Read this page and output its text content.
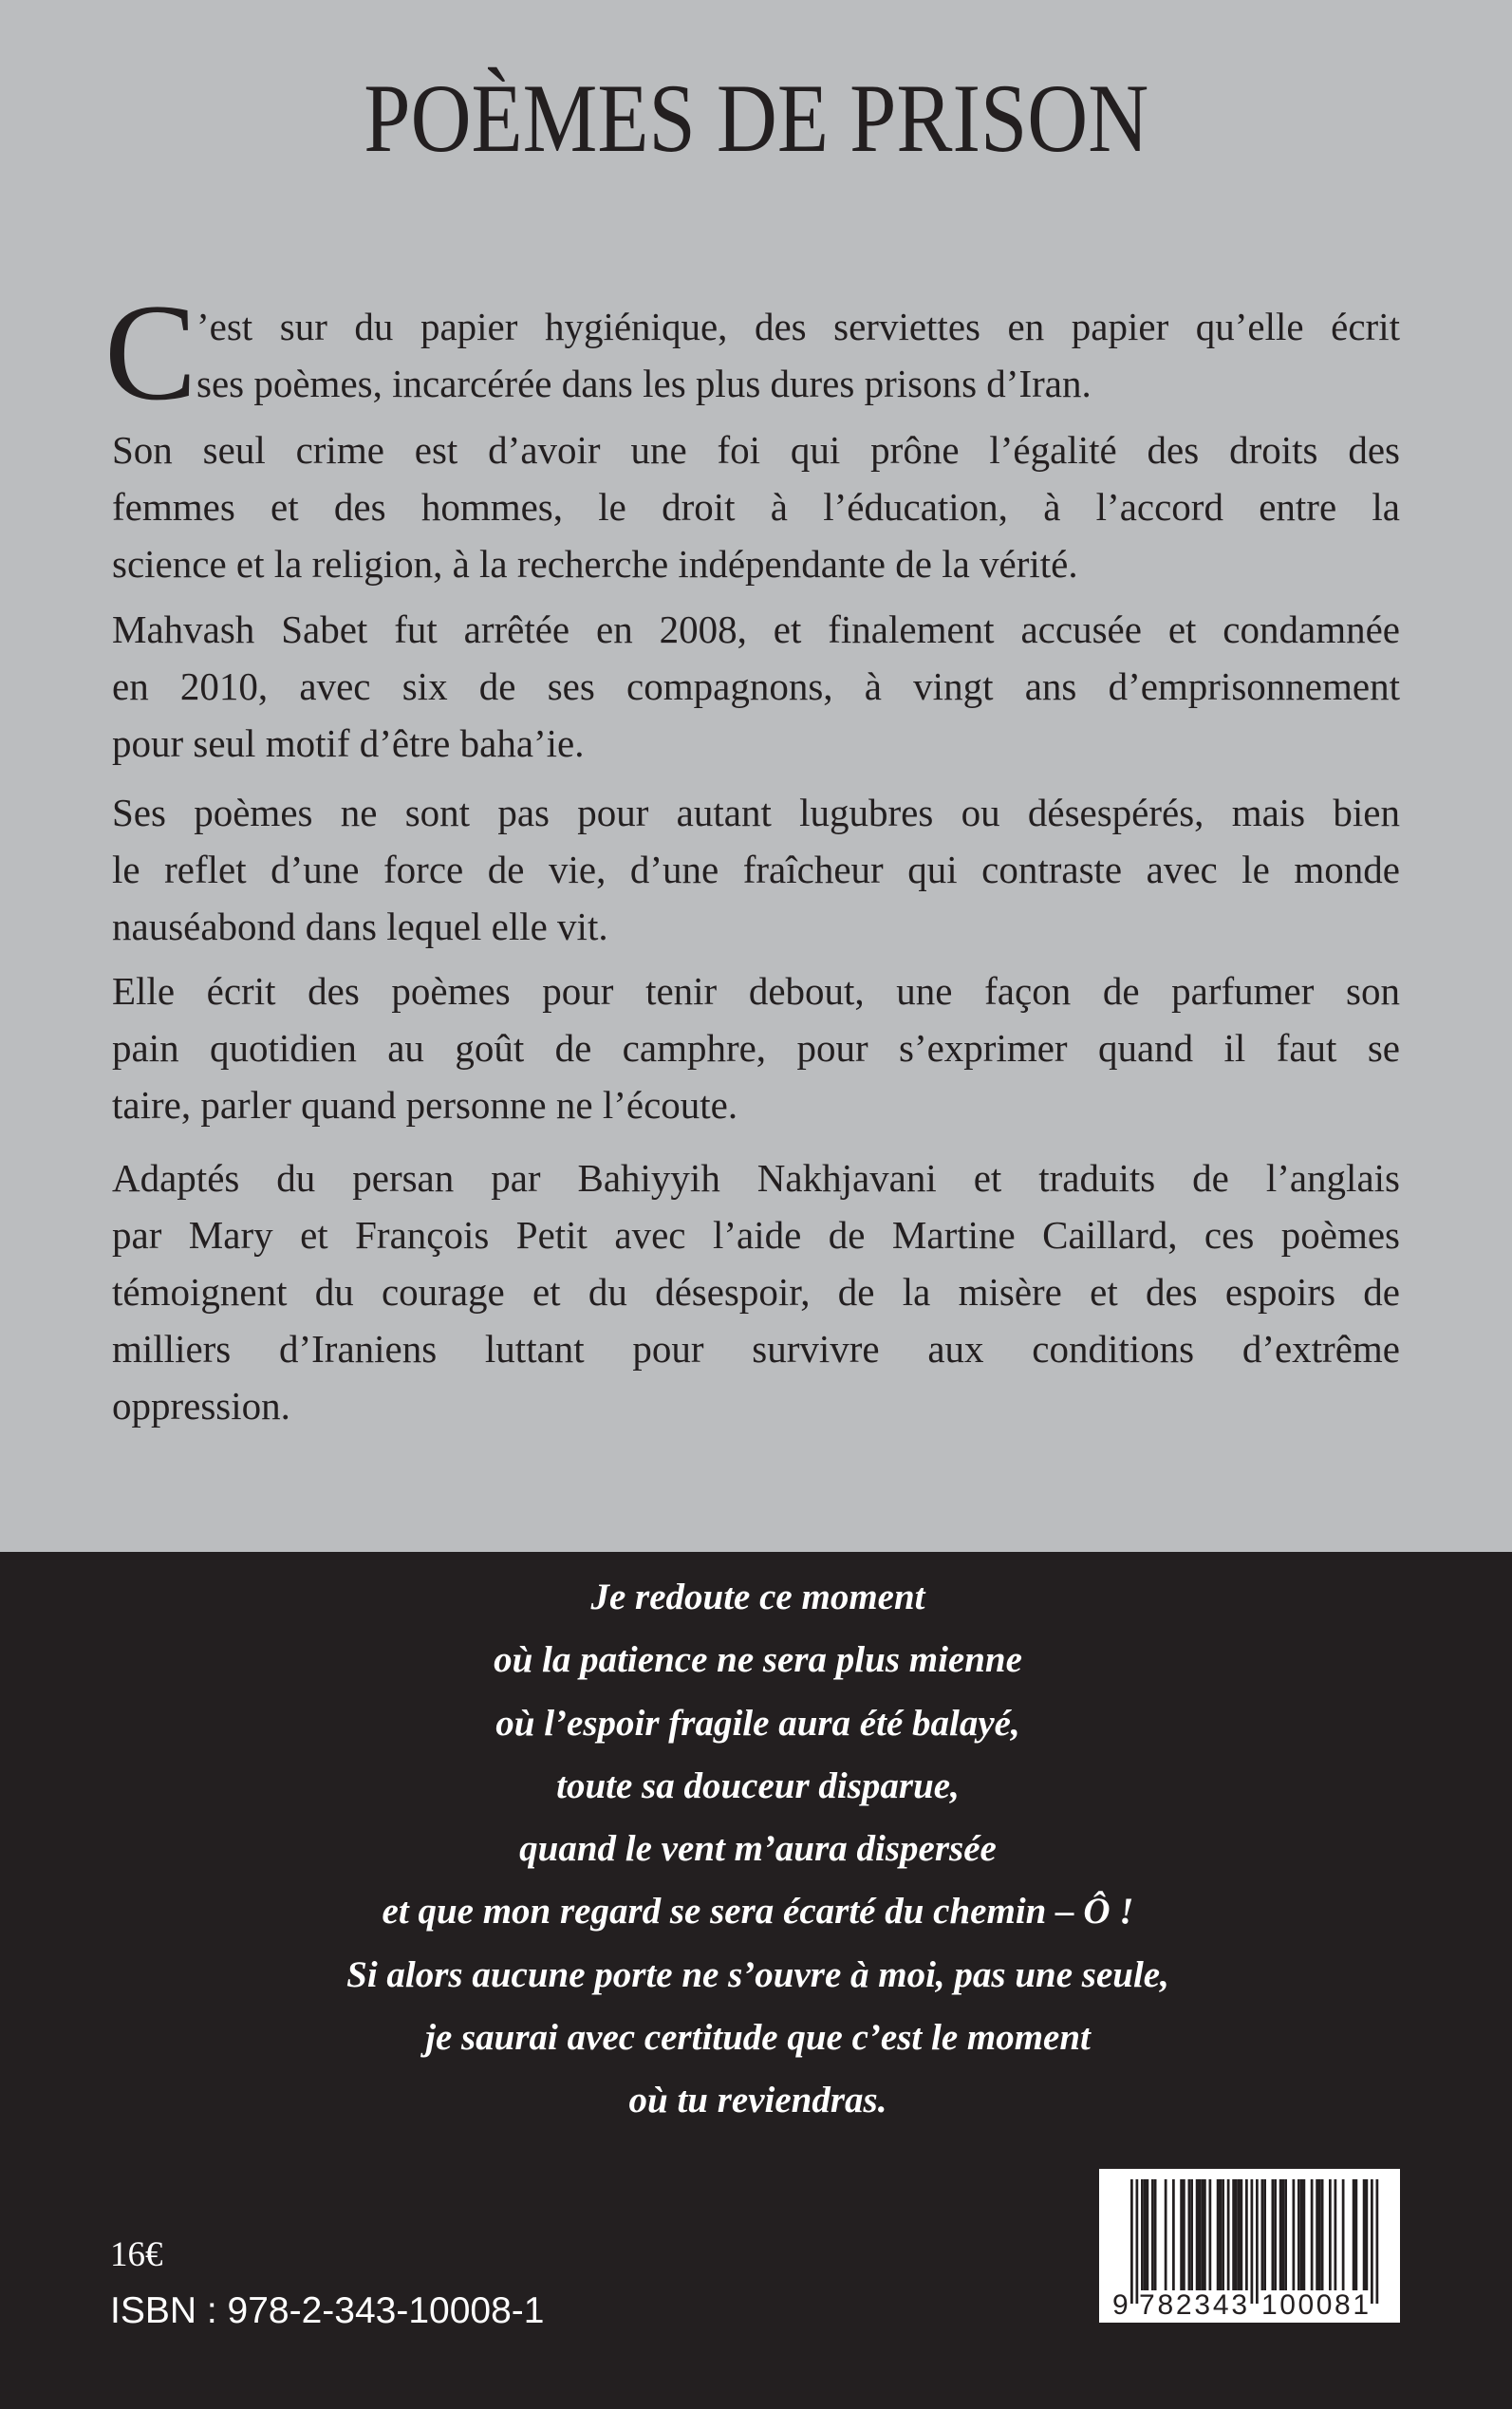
POÈMES DE PRISON
C ’est sur du papier hygiénique, des serviettes en papier qu’elle écrit
ses poèmes, incarcérée dans les plus dures prisons d’Iran.
Son seul crime est d’avoir une foi qui prône l’égalité des droits des
femmes et des hommes, le droit à l’éducation, à l’accord entre la
science et la religion, à la recherche indépendante de la vérité.
Mahvash Sabet fut arrêtée en 2008, et finalement accusée et condamnée
en 2010, avec six de ses compagnons, à vingt ans d’emprisonnement
pour seul motif d’être baha’ie.
Ses poèmes ne sont pas pour autant lugubres ou désespérés, mais bien
le reflet d’une force de vie, d’une fraîcheur qui contraste avec le monde
nauséabond dans lequel elle vit.
Elle écrit des poèmes pour tenir debout, une façon de parfumer son
pain quotidien au goût de camphre, pour s’exprimer quand il faut se
taire, parler quand personne ne l’écoute.
Adaptés du persan par Bahiyyih Nakhjavani et traduits de l’anglais
par Mary et François Petit avec l’aide de Martine Caillard, ces poèmes
témoignent du courage et du désespoir, de la misère et des espoirs de
milliers d’Iraniens luttant pour survivre aux conditions d’extrême
oppression.
Je redoute ce moment
où la patience ne sera plus mienne
où l’espoir fragile aura été balayé,
toute sa douceur disparue,
quand le vent m’aura dispersée
et que mon regard se sera écarté du chemin – Ô !
Si alors aucune porte ne s’ouvre à moi, pas une seule,
je saurai avec certitude que c’est le moment
où tu reviendras.
16€
ISBN : 978-2-343-10008-1	9 782343 100081
